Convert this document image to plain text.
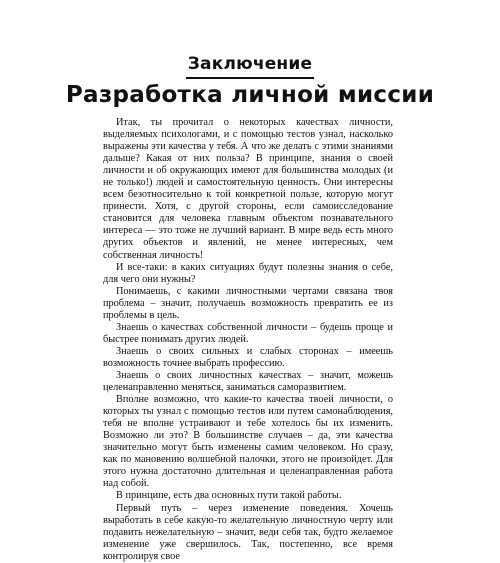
Заключение
Разработка личной миссии

Итак, ты прочитал о некоторых качествах личности, выделяемых психологами, и с помощью тестов узнал, насколько выражены эти качества у тебя. А что же делать с этими знаниями дальше? Какая от них польза? В принципе, знания о своей личности и об окружающих имеют для большинства молодых (и не только!) людей и самостоятельную ценность. Они интересны всем безотносительно к той конкретной пользе, которую могут принести. Хотя, с другой стороны, если самоисследование становится для человека главным объектом познавательного интереса — это тоже не лучший вариант. В мире ведь есть много других объектов и явлений, не менее интересных, чем собственная личность!

И все-таки: в каких ситуациях будут полезны знания о себе, для чего они нужны?

Понимаешь, с какими личностными чертами связана твоя проблема – значит, получаешь возможность превратить ее из проблемы в цель.

Знаешь о качествах собственной личности – будешь проще и быстрее понимать других людей.

Знаешь о своих сильных и слабых сторонах – имеешь возможность точнее выбрать профессию.

Знаешь о своих личностных качествах – значит, можешь целенаправленно меняться, заниматься саморазвитием.

Вполне возможно, что какие-то качества твоей личности, о которых ты узнал с помощью тестов или путем самонаблюдения, тебя не вполне устраивают и тебе хотелось бы их изменить. Возможно ли это? В большинстве случаев – да, эти качества значительно могут быть изменены самим человеком. Но сразу, как по мановению волшебной палочки, этого не произойдет. Для этого нужна достаточно длительная и целенаправленная работа над собой.

В принципе, есть два основных пути такой работы.

Первый путь – через изменение поведения. Хочешь выработать в себе какую-то желательную личностную черту или подавить нежелательную – значит, веди себя так, будто желаемое изменение уже свершилось. Так, постепенно, все время контролируя свое
